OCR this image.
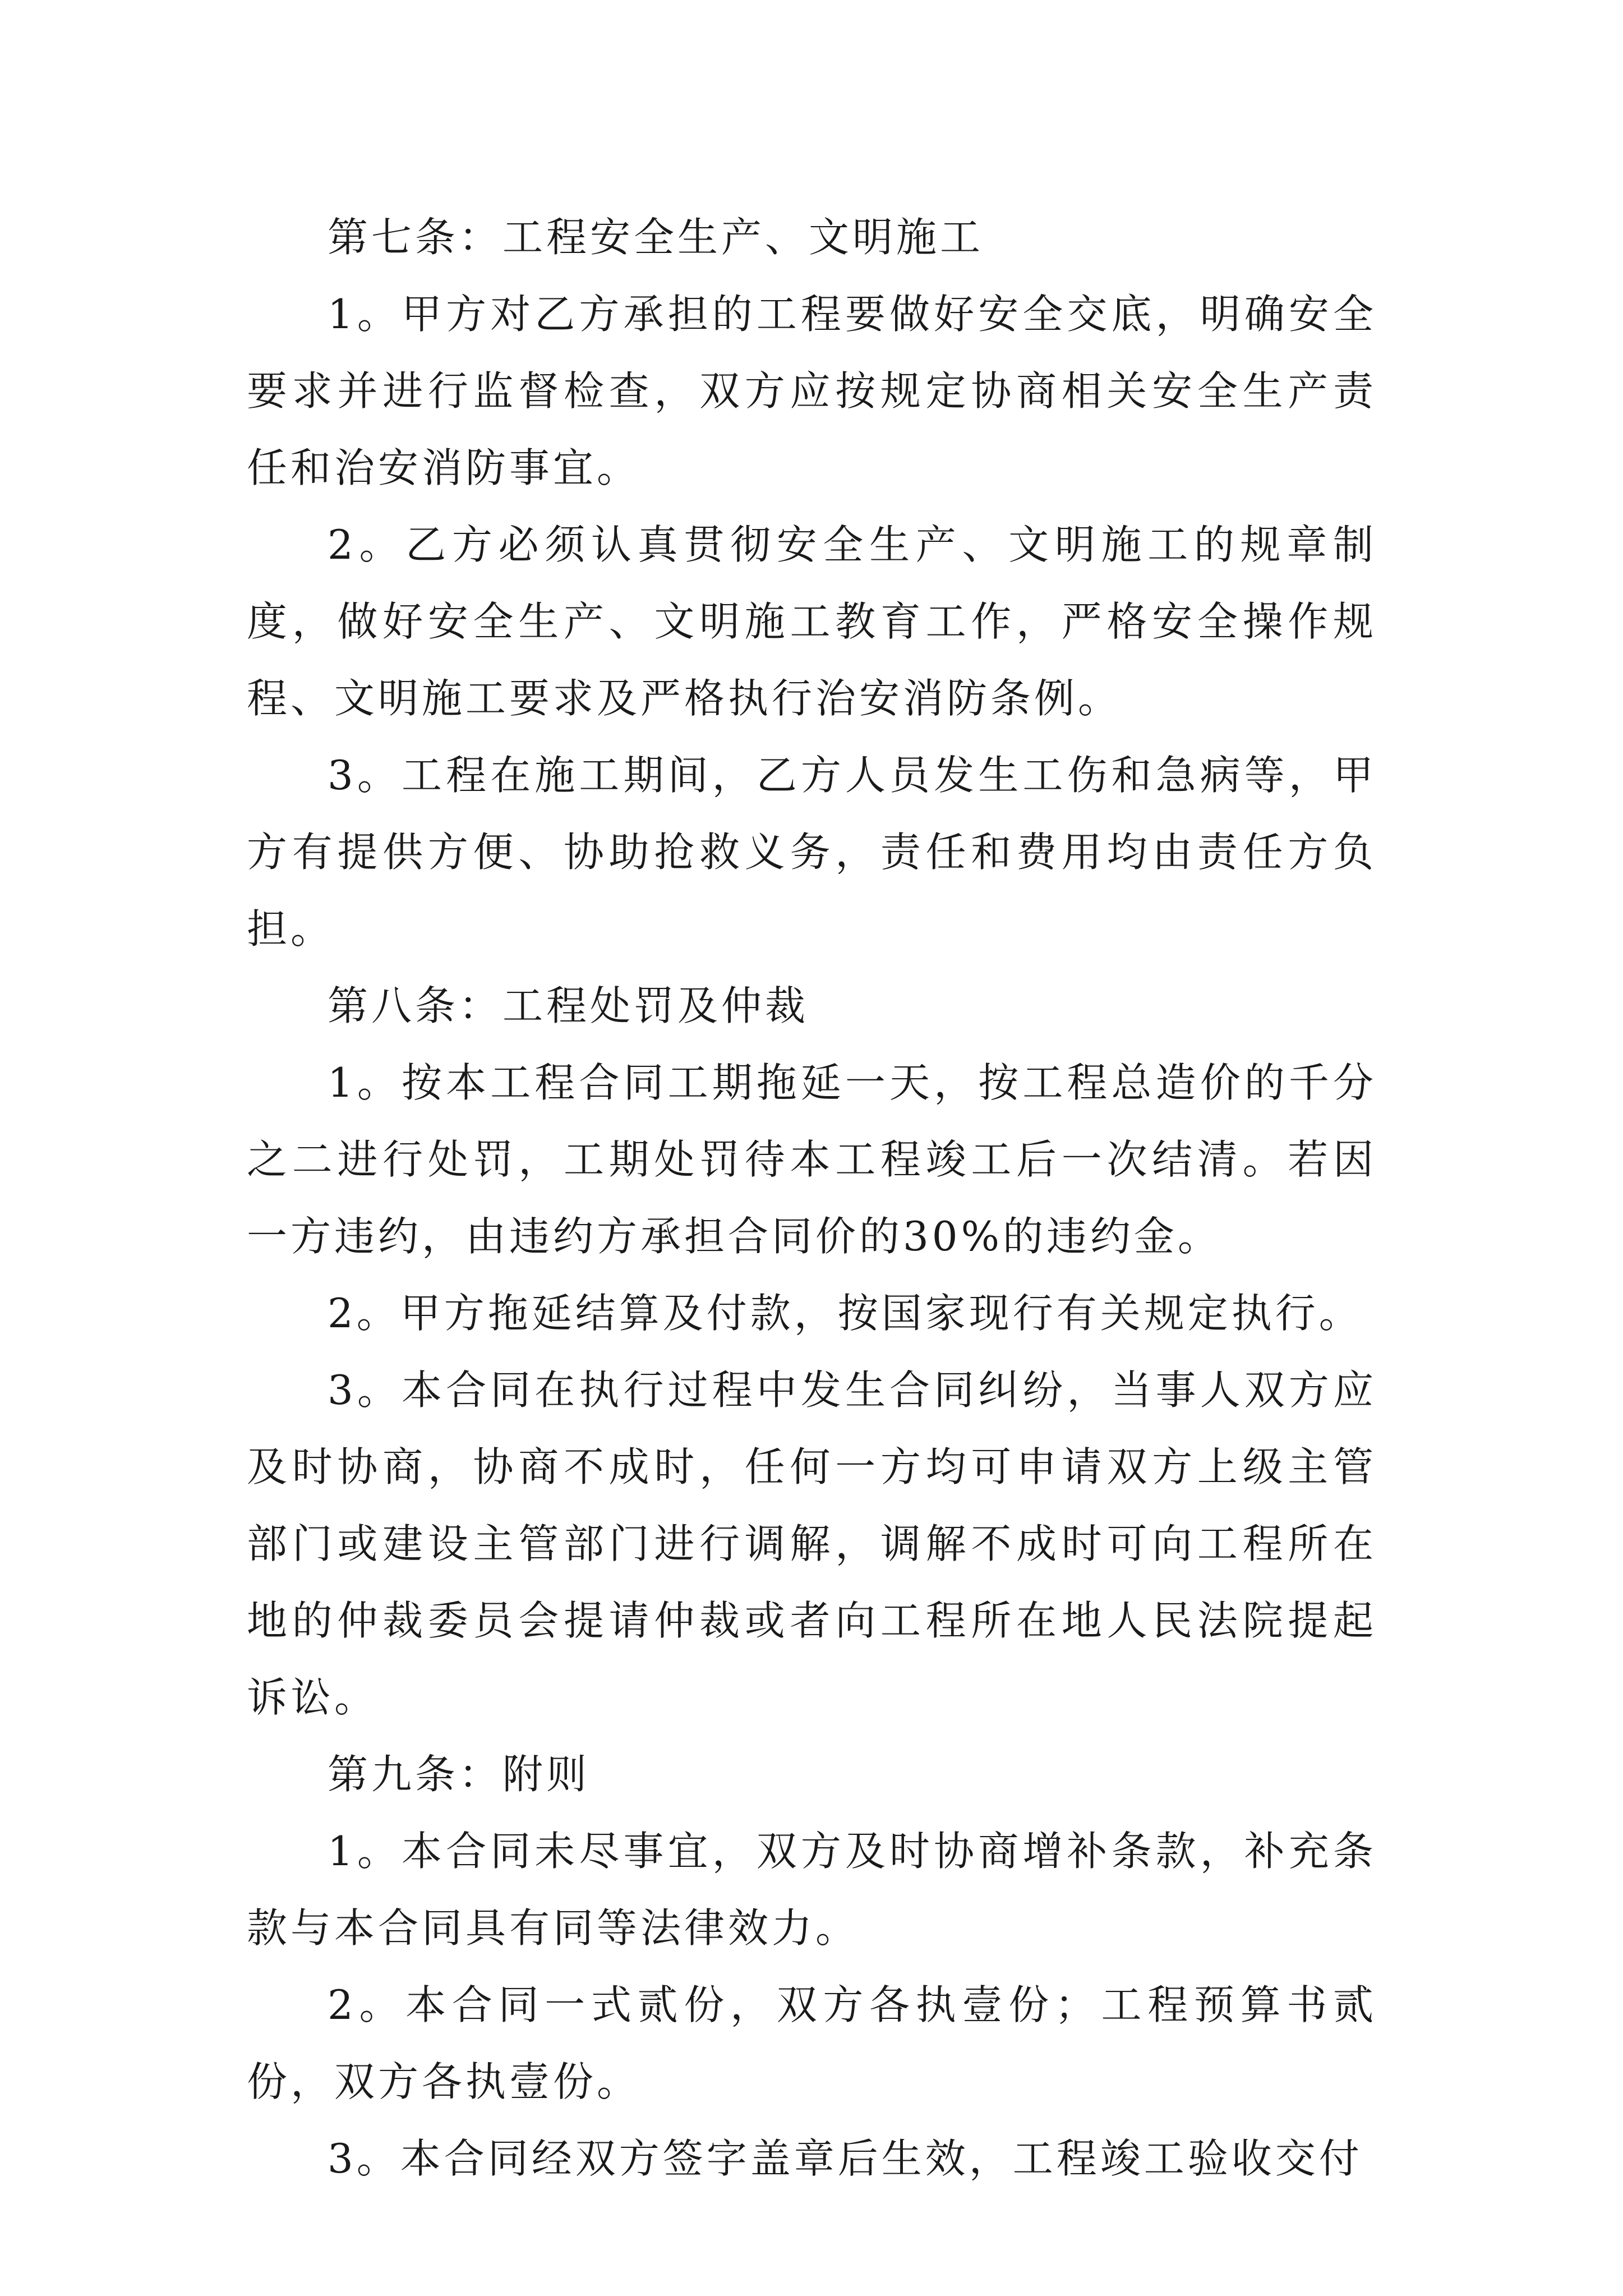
第七条：工程安全生产、文明施工

1。甲方对乙方承担的工程要做好安全交底，明确安全要求并进行监督检查，双方应按规定协商相关安全生产责任和治安消防事宜。

2。乙方必须认真贯彻安全生产、文明施工的规章制度，做好安全生产、文明施工教育工作，严格安全操作规程、文明施工要求及严格执行治安消防条例。

3。工程在施工期间，乙方人员发生工伤和急病等，甲方有提供方便、协助抢救义务，责任和费用均由责任方负担。

第八条：工程处罚及仲裁

1。按本工程合同工期拖延一天，按工程总造价的千分之二进行处罚，工期处罚待本工程竣工后一次结清。若因一方违约，由违约方承担合同价的30%的违约金。

2。甲方拖延结算及付款，按国家现行有关规定执行。

3。本合同在执行过程中发生合同纠纷，当事人双方应及时协商，协商不成时，任何一方均可申请双方上级主管部门或建设主管部门进行调解，调解不成时可向工程所在地的仲裁委员会提请仲裁或者向工程所在地人民法院提起诉讼。

第九条：附则

1。本合同未尽事宜，双方及时协商增补条款，补充条款与本合同具有同等法律效力。

2。本合同一式贰份，双方各执壹份；工程预算书贰份，双方各执壹份。

3。本合同经双方签字盖章后生效，工程竣工验收交付
